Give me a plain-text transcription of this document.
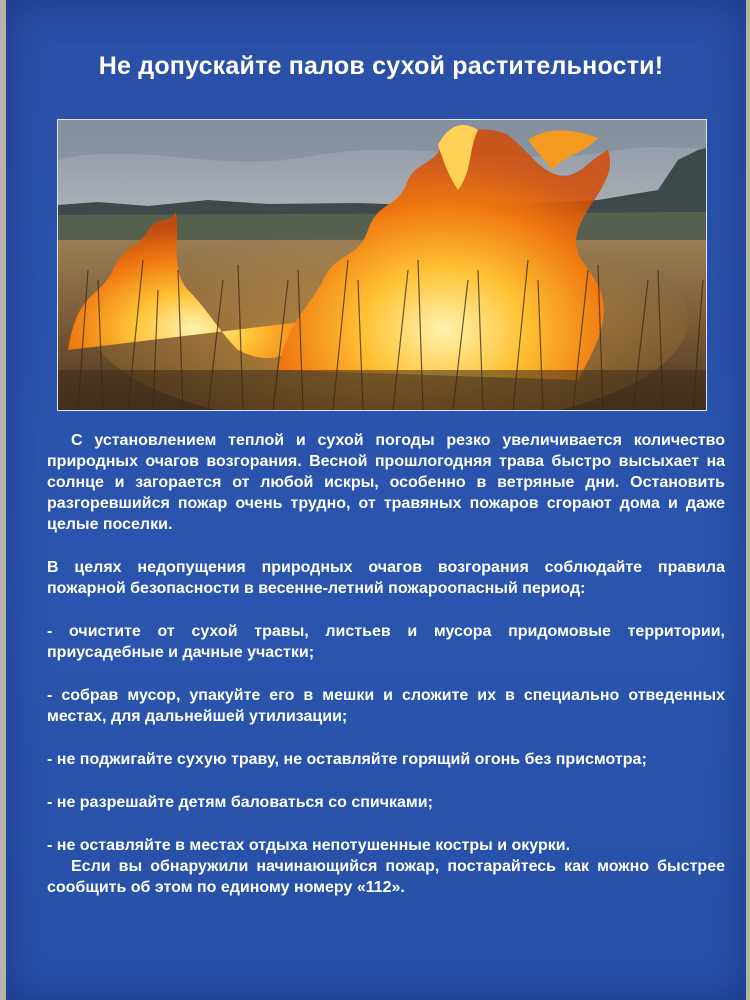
Не допускайте палов сухой растительности!

С установлением теплой и сухой погоды резко увеличивается количество природных очагов возгорания. Весной прошлогодняя трава быстро высыхает на солнце и загорается от любой искры, особенно в ветряные дни. Остановить разгоревшийся пожар очень трудно, от травяных пожаров сгорают дома и даже целые поселки.

В целях недопущения природных очагов возгорания соблюдайте правила пожарной безопасности в весенне-летний пожароопасный период:

- очистите от сухой травы, листьев и мусора придомовые территории, приусадебные и дачные участки;

- собрав мусор, упакуйте его в мешки и сложите их в специально отведенных местах, для дальнейшей утилизации;

- не поджигайте сухую траву, не оставляйте горящий огонь без присмотра;

- не разрешайте детям баловаться со спичками;

- не оставляйте в местах отдыха непотушенные костры и окурки.

Если вы обнаружили начинающийся пожар, постарайтесь как можно быстрее сообщить об этом по единому номеру «112».
